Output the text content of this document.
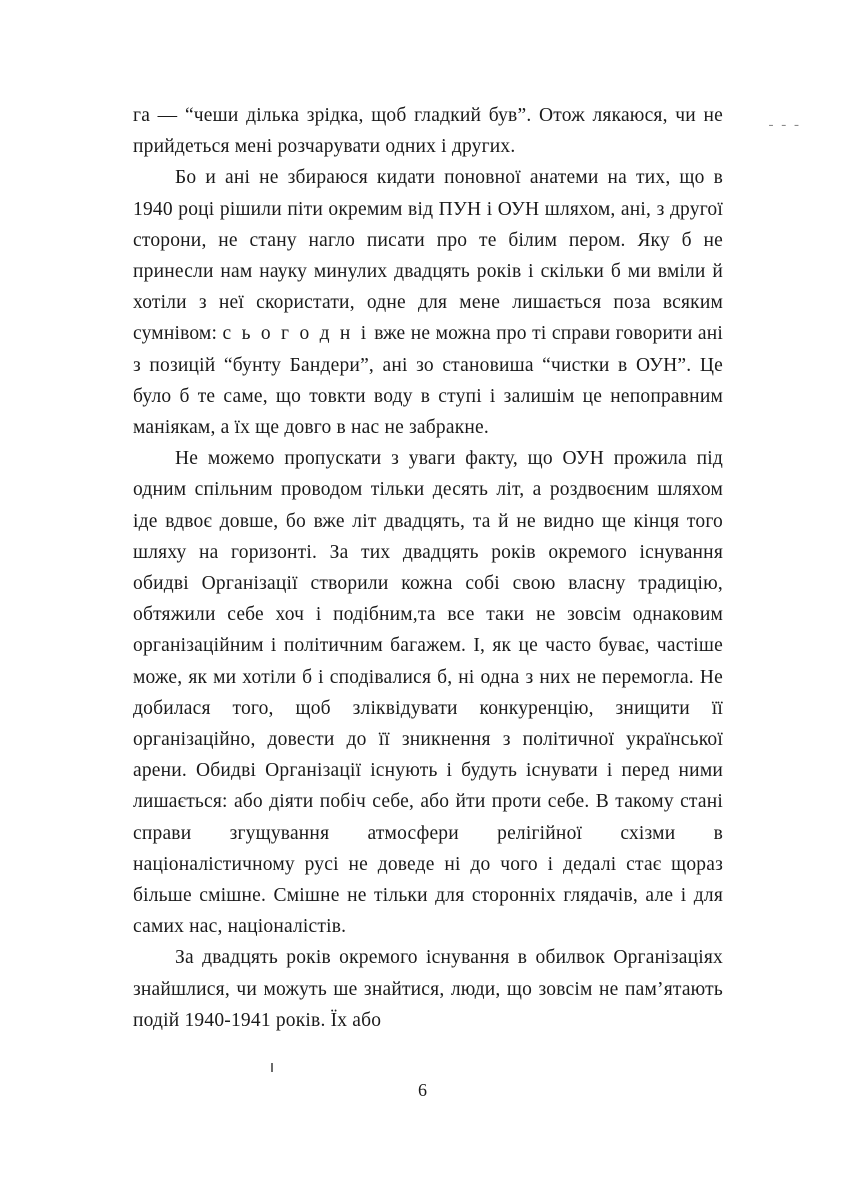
- - -

га — “чеши ділька зрідка, щоб гладкий був”. Отож лякаюся, чи не прийдеться мені розчарувати одних і других.

Бо и ані не збираюся кидати поновної анатеми на тих, що в 1940 році рішили піти окремим від ПУН і ОУН шляхом, ані, з другої сторони, не стану нагло писати про те білим пером. Яку б не принесли нам науку минулих двадцять років і скільки б ми вміли й хотіли з неї скористати, одне для мене лишається поза всяким сумнівом: с ь о г о д н і вже не можна про ті справи говорити ані з позицій “бунту Бандери”, ані зо становиша “чистки в ОУН”. Це було б те саме, що товкти воду в ступі і залишім це непоправним маніякам, а їх ще довго в нас не забракне.

Не можемо пропускати з уваги факту, що ОУН прожила під одним спільним проводом тільки десять літ, а роздвоєним шляхом іде вдвоє довше, бо вже літ двадцять, та й не видно ще кінця того шляху на горизонті. За тих двадцять років окремого існування обидві Організації створили кожна собі свою власну традицію, обтяжили себе хоч і подібним,та все таки не зовсім однаковим організаційним і політичним багажем. І, як це часто буває, частіше може, як ми хотіли б і сподівалися б, ні одна з них не перемогла. Не добилася того, щоб зліквідувати конкуренцію, знищити її організаційно, довести до її зникнення з політичної української арени. Обидві Організації існують і будуть існувати і перед ними лишається: або діяти побіч себе, або йти проти себе. В такому стані справи згущування атмосфери релігійної схізми в націоналістичному русі не доведе ні до чого і дедалі стає щораз більше смішне. Смішне не тільки для сторонніх глядачів, але і для самих нас, націоналістів.

За двадцять років окремого існування в обилвок Організаціях знайшлися, чи можуть ше знайтися, люди, що зовсім не пам’ятають подій 1940-1941 років. Їх або

6
